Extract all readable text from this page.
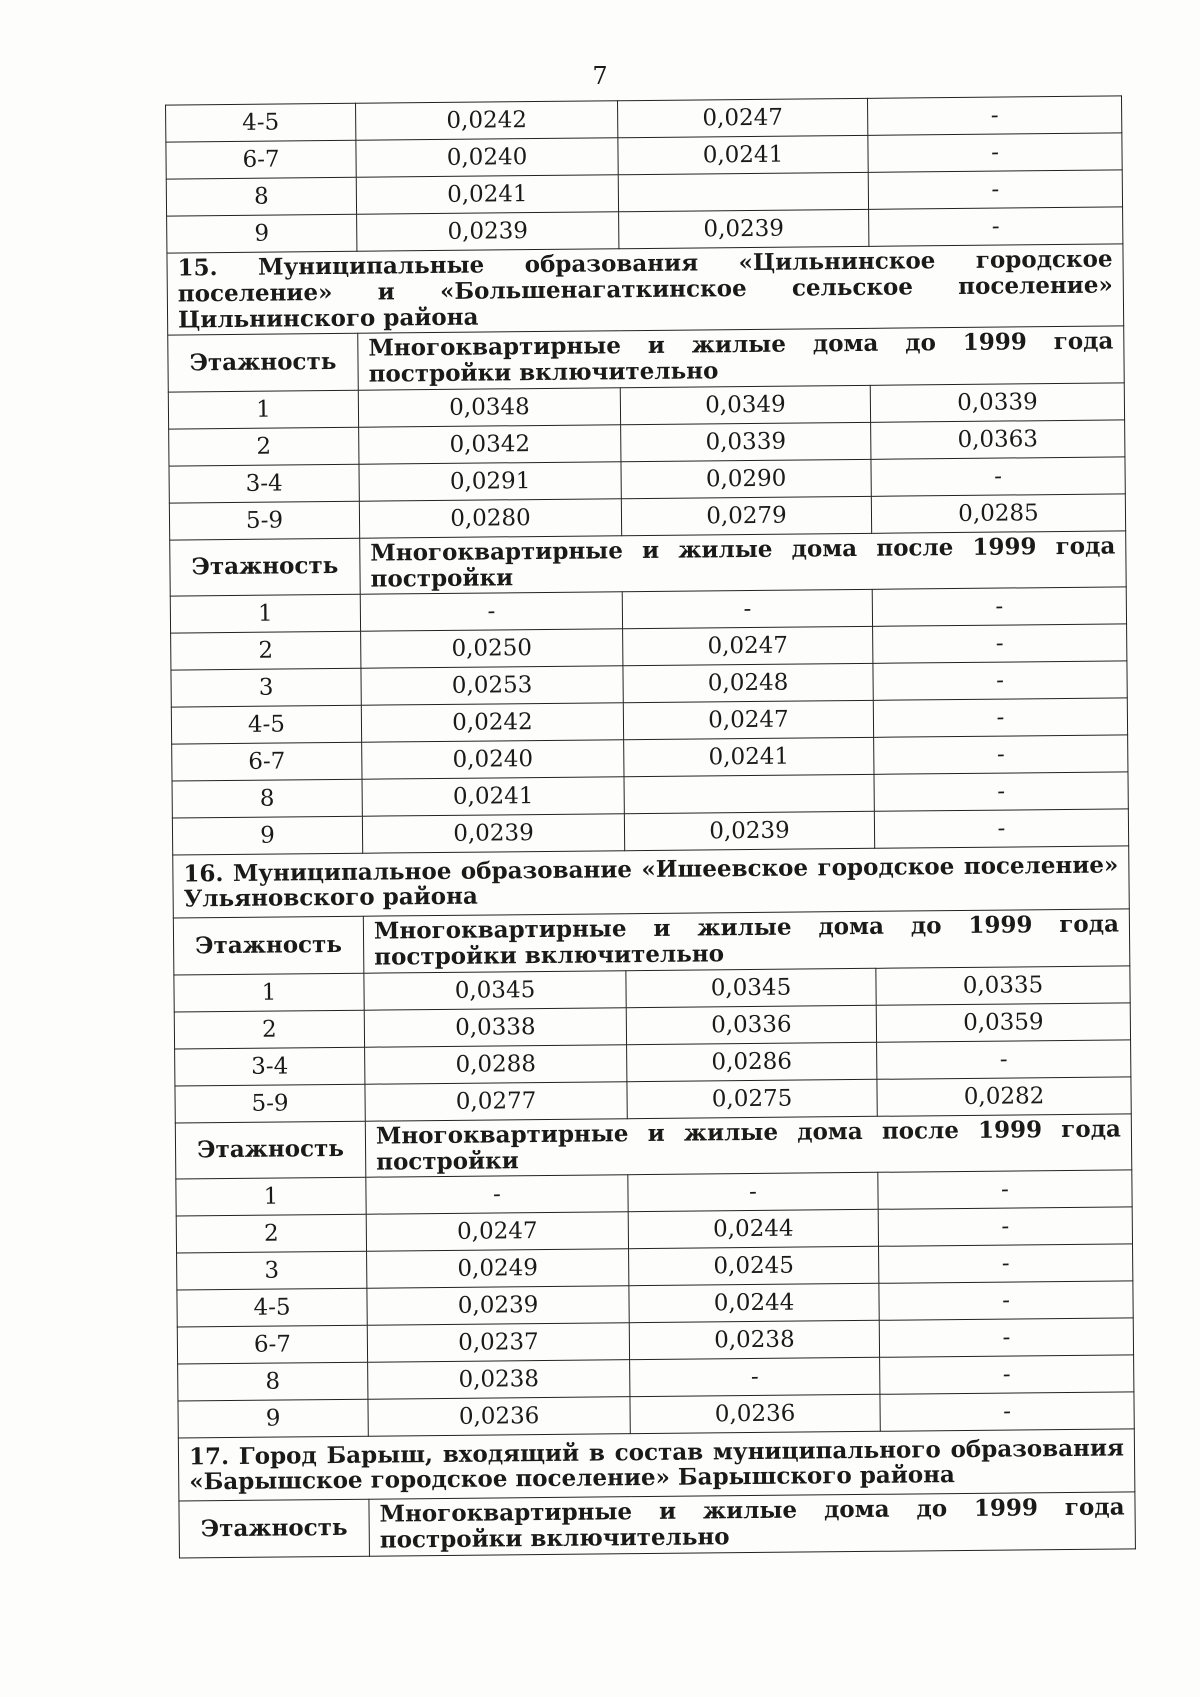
7
4-5	0,0242	0,0247	-
6-7	0,0240	0,0241	-
8	0,0241		-
9	0,0239	0,0239	-
15. Муниципальные образования «Цильнинское городское поселение» и «Большенагаткинское сельское поселение» Цильнинского района			
Этажность	Многоквартирные и жилые дома до 1999 года постройки включительно		
1	0,0348	0,0349	0,0339
2	0,0342	0,0339	0,0363
3-4	0,0291	0,0290	-
5-9	0,0280	0,0279	0,0285
Этажность	Многоквартирные и жилые дома после 1999 года постройки		
1	-	-	-
2	0,0250	0,0247	-
3	0,0253	0,0248	-
4-5	0,0242	0,0247	-
6-7	0,0240	0,0241	-
8	0,0241		-
9	0,0239	0,0239	-
16. Муниципальное образование «Ишеевское городское поселение» Ульяновского района			
Этажность	Многоквартирные и жилые дома до 1999 года постройки включительно		
1	0,0345	0,0345	0,0335
2	0,0338	0,0336	0,0359
3-4	0,0288	0,0286	-
5-9	0,0277	0,0275	0,0282
Этажность	Многоквартирные и жилые дома после 1999 года постройки		
1	-	-	-
2	0,0247	0,0244	-
3	0,0249	0,0245	-
4-5	0,0239	0,0244	-
6-7	0,0237	0,0238	-
8	0,0238	-	-
9	0,0236	0,0236	-
17. Город Барыш, входящий в состав муниципального образования «Барышское городское поселение» Барышского района			
Этажность	Многоквартирные и жилые дома до 1999 года постройки включительно		
